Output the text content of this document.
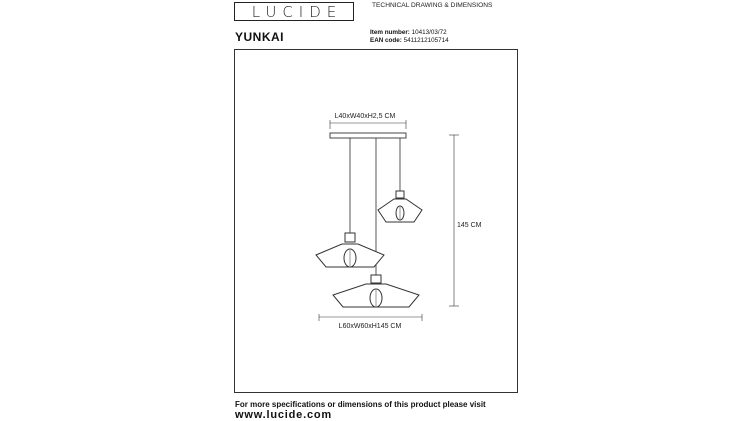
LUCIDE	TECHNICAL DRAWING & DIMENSIONS
YUNKAI	Item number: 10413/03/72
EAN code: 5411212105714
L40xW40xH2,5 CM
145 CM
L60xW60xH145 CM
For more specifications or dimensions of this product please visit
www.lucide.com
